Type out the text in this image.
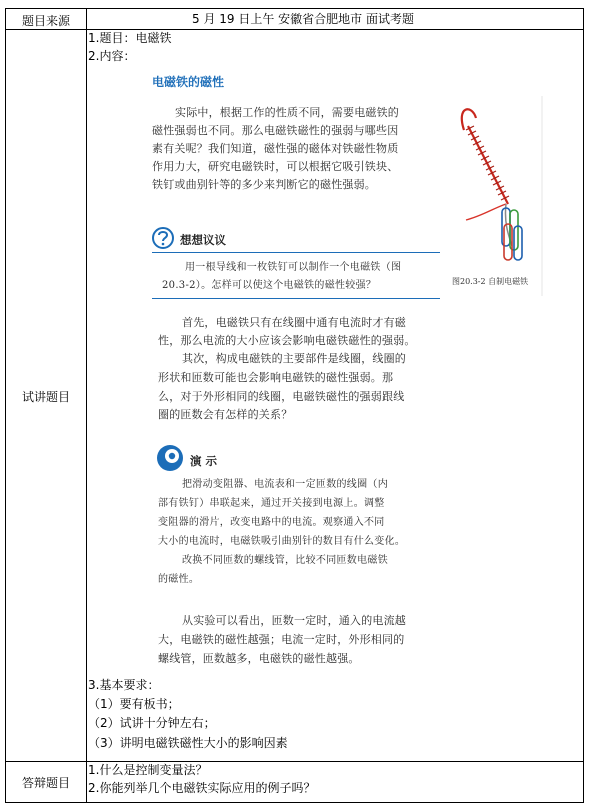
题目来源	5 月 19 日上午 安徽省合肥地市 面试考题
试讲题目
答辩题目
1.题目：电磁铁
2.内容：
电磁铁的磁性
实际中，根据工作的性质不同，需要电磁铁的
磁性强弱也不同。那么电磁铁磁性的强弱与哪些因
素有关呢？我们知道，磁性强的磁体对铁磁性物质
作用力大，研究电磁铁时，可以根据它吸引铁块、
铁钉或曲别针等的多少来判断它的磁性强弱。
图20.3-2 自制电磁铁
想想议议
用一根导线和一枚铁钉可以制作一个电磁铁（图
20.3-2）。怎样可以使这个电磁铁的磁性较强？
首先，电磁铁只有在线圈中通有电流时才有磁
性，那么电流的大小应该会影响电磁铁磁性的强弱。
其次，构成电磁铁的主要部件是线圈，线圈的
形状和匝数可能也会影响电磁铁的磁性强弱。那
么，对于外形相同的线圈，电磁铁磁性的强弱跟线
圈的匝数会有怎样的关系？
演 示
把滑动变阻器、电流表和一定匝数的线圈（内
部有铁钉）串联起来，通过开关接到电源上。调整
变阻器的滑片，改变电路中的电流。观察通入不同
大小的电流时，电磁铁吸引曲别针的数目有什么变化。
改换不同匝数的螺线管，比较不同匝数电磁铁
的磁性。
从实验可以看出，匝数一定时，通入的电流越
大，电磁铁的磁性越强；电流一定时，外形相同的
螺线管，匝数越多，电磁铁的磁性越强。
3.基本要求：
（1）要有板书；
（2）试讲十分钟左右；
（3）讲明电磁铁磁性大小的影响因素
1.什么是控制变量法？
2.你能列举几个电磁铁实际应用的例子吗？
